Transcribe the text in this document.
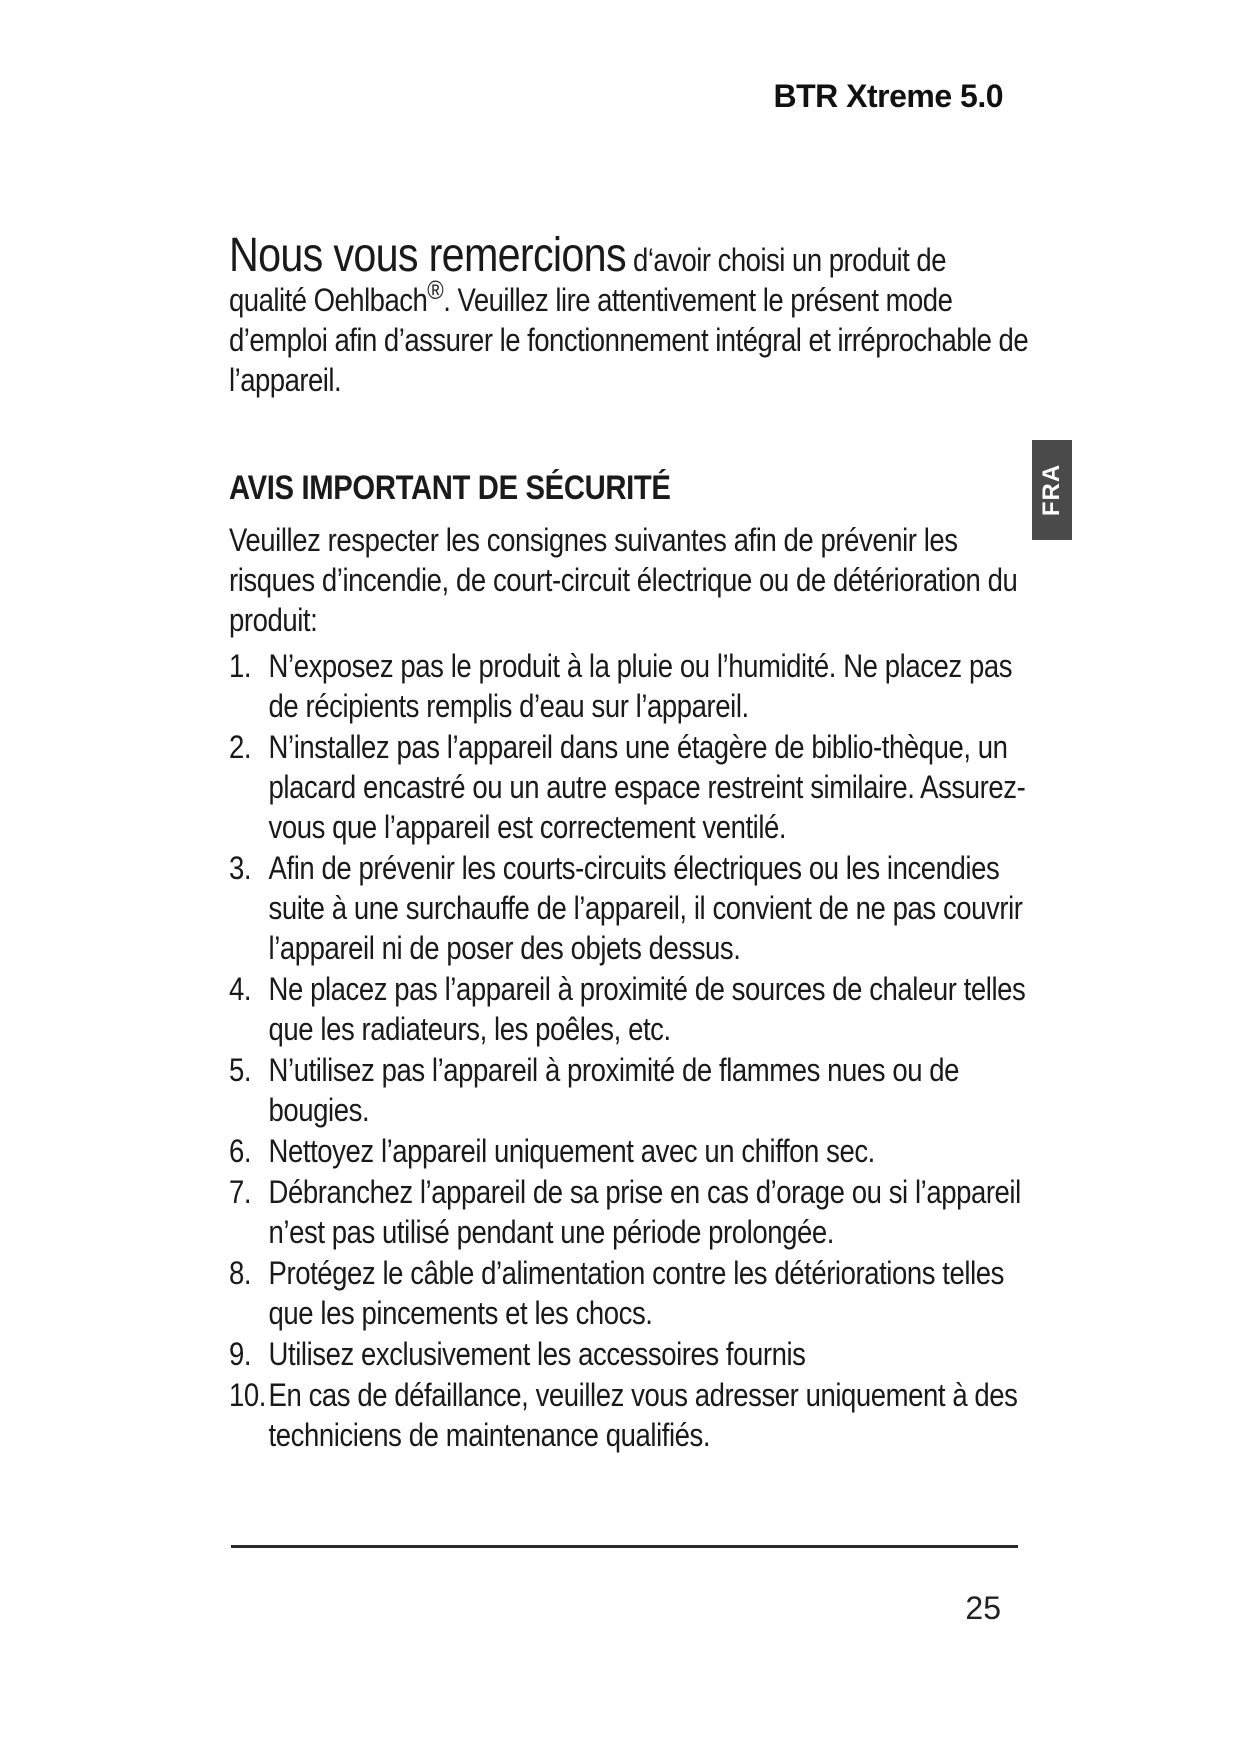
BTR Xtreme 5.0
Nous vous remercions d‘avoir choisi un produit de qualité Oehlbach®. Veuillez lire attentivement le présent mode d’emploi afin d’assurer le fonctionnement intégral et irréprochable de l’appareil.
FRA
AVIS IMPORTANT DE SÉCURITÉ

Veuillez respecter les consignes suivantes afin de prévenir les risques d’incendie, de court-circuit électrique ou de détérioration du produit:

1. N’exposez pas le produit à la pluie ou l’humidité. Ne placez pas de récipients remplis d’eau sur l’appareil.
2. N’installez pas l’appareil dans une étagère de biblio-thèque, un placard encastré ou un autre espace restreint similaire. Assurez-vous que l’appareil est correctement ventilé.
3. Afin de prévenir les courts-circuits électriques ou les incendies suite à une surchauffe de l’appareil, il convient de ne pas couvrir l’appareil ni de poser des objets dessus.
4. Ne placez pas l’appareil à proximité de sources de chaleur telles que les radiateurs, les poêles, etc.
5. N’utilisez pas l’appareil à proximité de flammes nues ou de bougies.
6. Nettoyez l’appareil uniquement avec un chiffon sec.
7. Débranchez l’appareil de sa prise en cas d’orage ou si l’appareil n’est pas utilisé pendant une période prolongée.
8. Protégez le câble d’alimentation contre les détériorations telles que les pincements et les chocs.
9. Utilisez exclusivement les accessoires fournis
10. En cas de défaillance, veuillez vous adresser uniquement à des techniciens de maintenance qualifiés.
25
